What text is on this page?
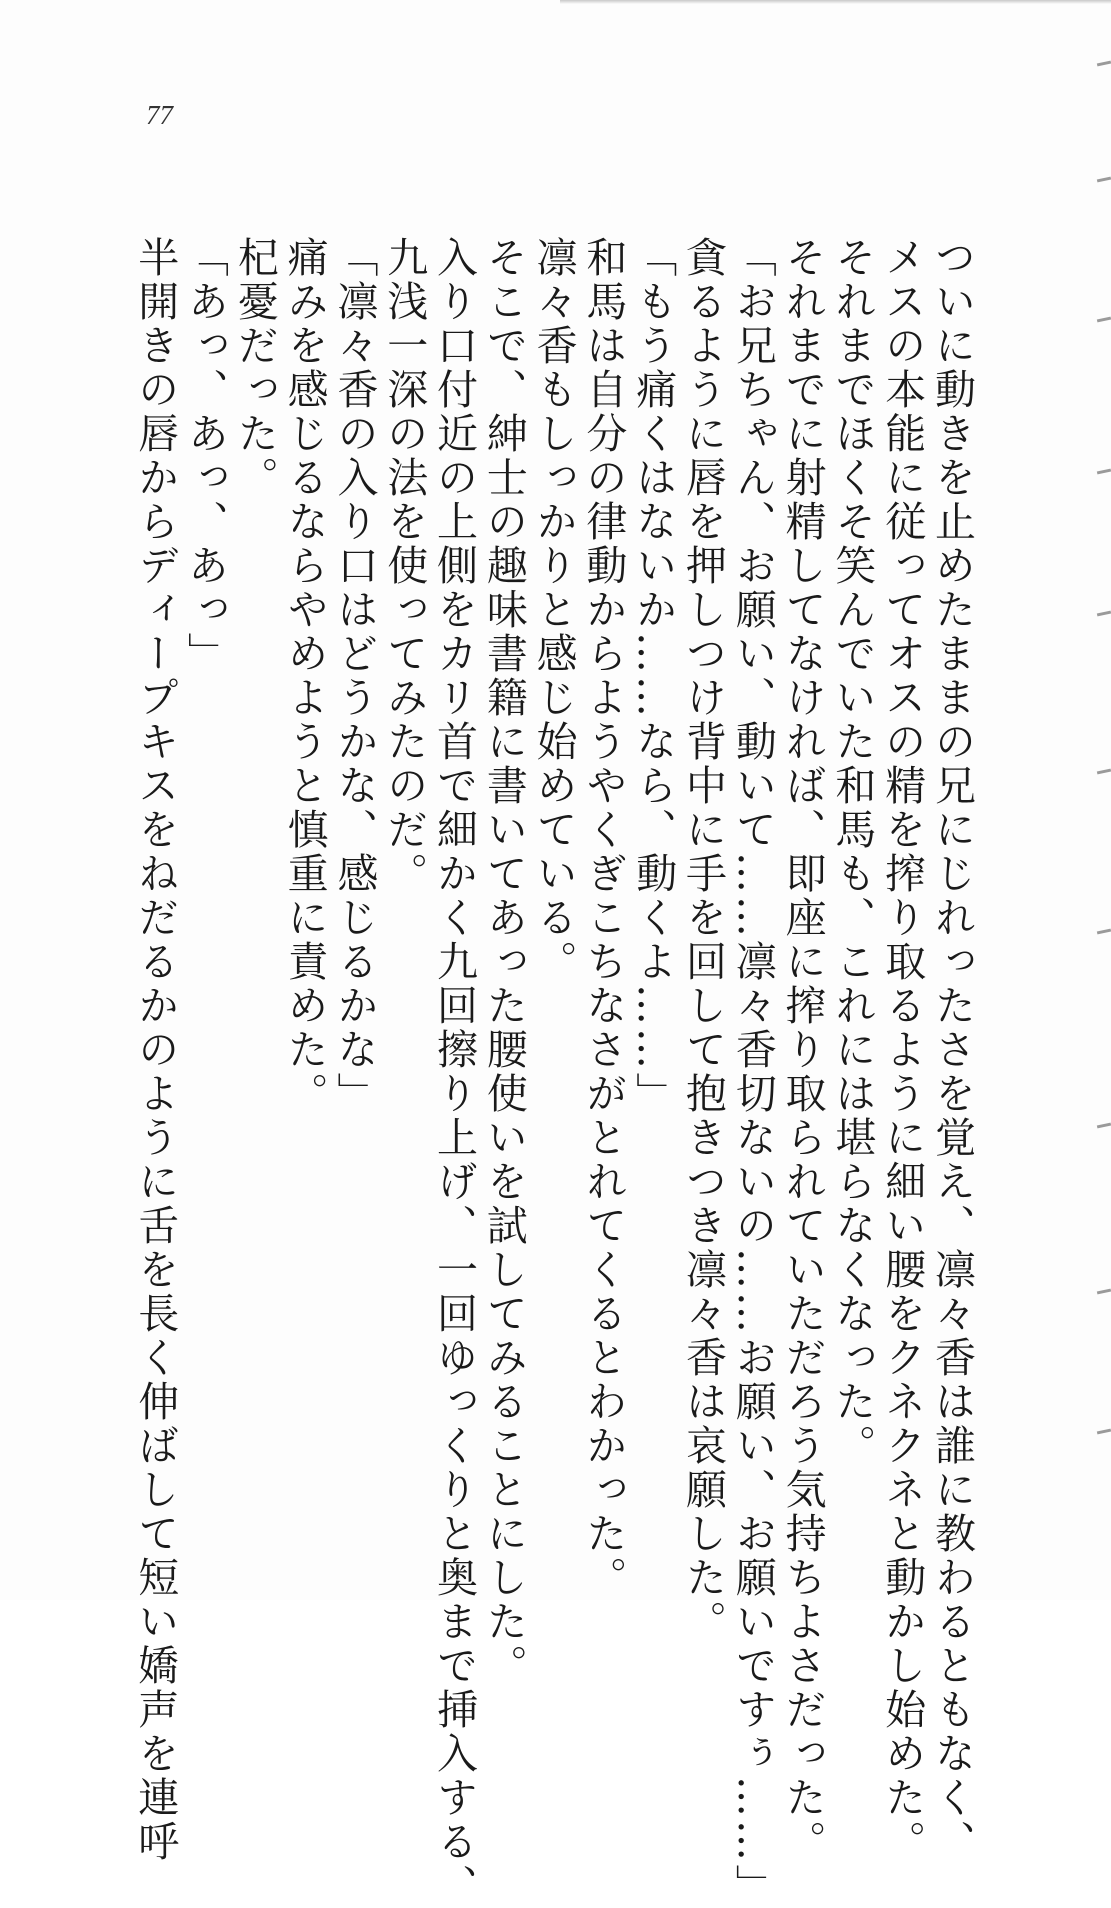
77

ついに動きを止めたままの兄にじれったさを覚え、凛々香は誰に教わるともなく、

メスの本能に従ってオスの精を搾り取るように細い腰をクネクネと動かし始めた。

それまでほくそ笑んでいた和馬も、これには堪らなくなった。

それまでに射精してなければ、即座に搾り取られていただろう気持ちよさだった。

「お兄ちゃん、お願い、動いて……凛々香切ないの……お願い、お願いですぅ……」

貪るように唇を押しつけ背中に手を回して抱きつき凛々香は哀願した。

「もう痛くはないか……なら、動くよ……」

和馬は自分の律動からようやくぎこちなさがとれてくるとわかった。

凛々香もしっかりと感じ始めている。

そこで、紳士の趣味書籍に書いてあった腰使いを試してみることにした。

入り口付近の上側をカリ首で細かく九回擦り上げ、一回ゆっくりと奥まで挿入する、

九浅一深の法を使ってみたのだ。

「凛々香の入り口はどうかな、感じるかな」

痛みを感じるならやめようと慎重に責めた。

杞憂だった。

「あっ、あっ、あっ」

半開きの唇からディープキスをねだるかのように舌を長く伸ばして短い嬌声を連呼
